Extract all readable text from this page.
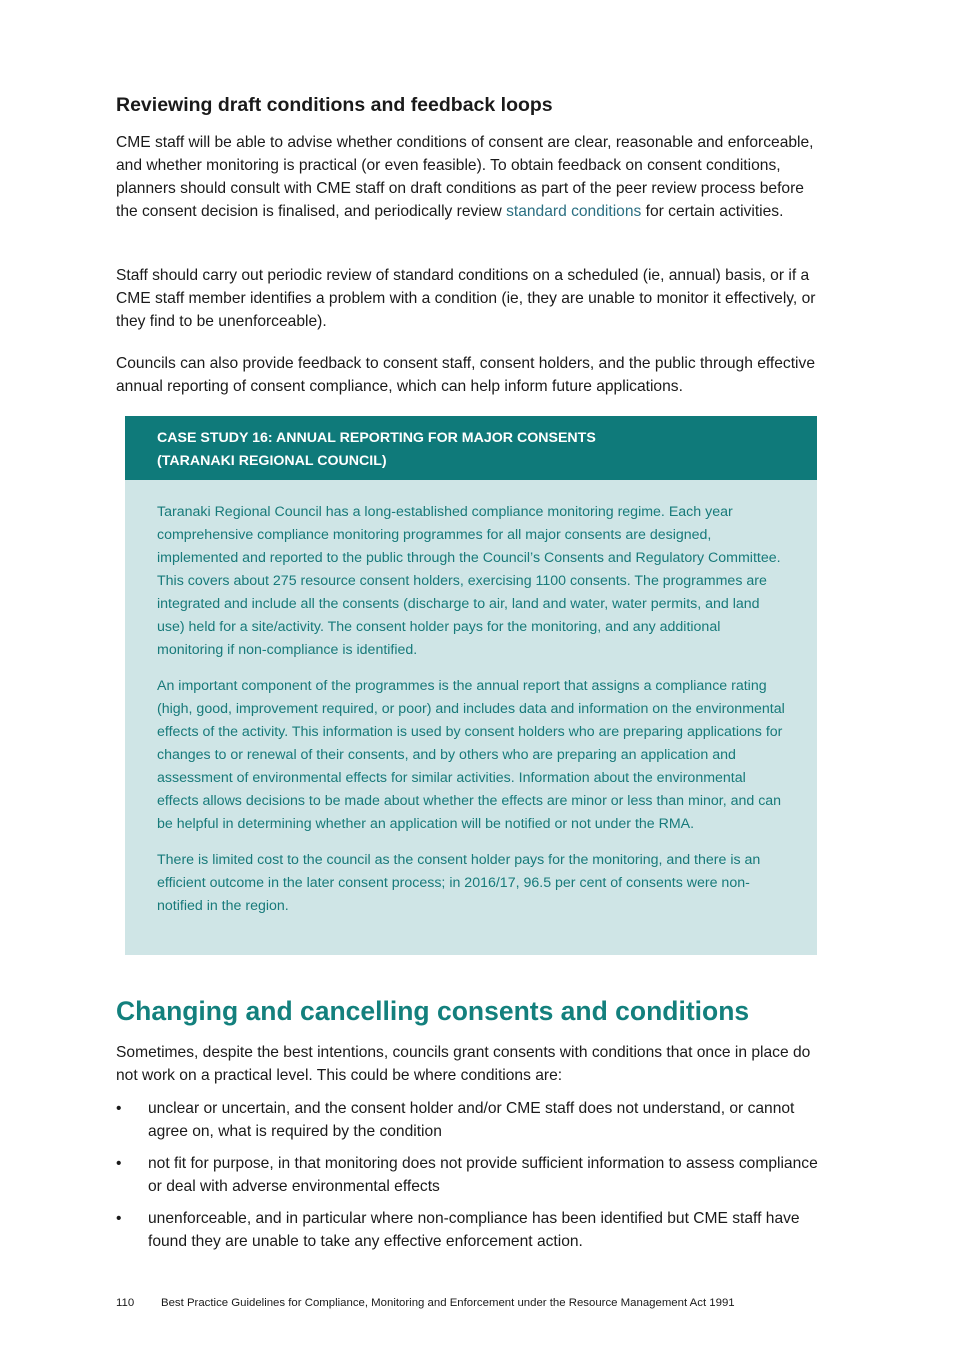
Reviewing draft conditions and feedback loops

CME staff will be able to advise whether conditions of consent are clear, reasonable and enforceable, and whether monitoring is practical (or even feasible). To obtain feedback on consent conditions, planners should consult with CME staff on draft conditions as part of the peer review process before the consent decision is finalised, and periodically review standard conditions for certain activities.

Staff should carry out periodic review of standard conditions on a scheduled (ie, annual) basis, or if a CME staff member identifies a problem with a condition (ie, they are unable to monitor it effectively, or they find to be unenforceable).

Councils can also provide feedback to consent staff, consent holders, and the public through effective annual reporting of consent compliance, which can help inform future applications.

CASE STUDY 16: ANNUAL REPORTING FOR MAJOR CONSENTS
(TARANAKI REGIONAL COUNCIL)

Taranaki Regional Council has a long-established compliance monitoring regime. Each year comprehensive compliance monitoring programmes for all major consents are designed, implemented and reported to the public through the Council’s Consents and Regulatory Committee. This covers about 275 resource consent holders, exercising 1100 consents. The programmes are integrated and include all the consents (discharge to air, land and water, water permits, and land use) held for a site/activity. The consent holder pays for the monitoring, and any additional monitoring if non-compliance is identified.

An important component of the programmes is the annual report that assigns a compliance rating (high, good, improvement required, or poor) and includes data and information on the environmental effects of the activity. This information is used by consent holders who are preparing applications for changes to or renewal of their consents, and by others who are preparing an application and assessment of environmental effects for similar activities. Information about the environmental effects allows decisions to be made about whether the effects are minor or less than minor, and can be helpful in determining whether an application will be notified or not under the RMA.

There is limited cost to the council as the consent holder pays for the monitoring, and there is an efficient outcome in the later consent process; in 2016/17, 96.5 per cent of consents were non-notified in the region.

Changing and cancelling consents and conditions

Sometimes, despite the best intentions, councils grant consents with conditions that once in place do not work on a practical level. This could be where conditions are:

• unclear or uncertain, and the consent holder and/or CME staff does not understand, or cannot agree on, what is required by the condition
• not fit for purpose, in that monitoring does not provide sufficient information to assess compliance or deal with adverse environmental effects
• unenforceable, and in particular where non-compliance has been identified but CME staff have found they are unable to take any effective enforcement action.
110 Best Practice Guidelines for Compliance, Monitoring and Enforcement under the Resource Management Act 1991
